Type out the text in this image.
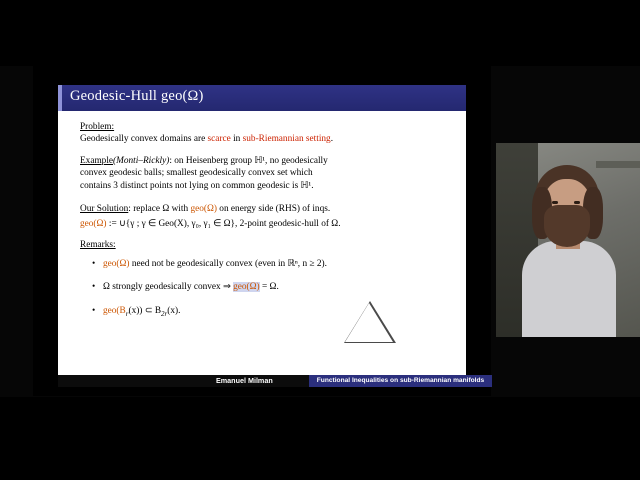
Geodesic-Hull geo(Ω)
Problem:
Geodesically convex domains are scarce in sub-Riemannian setting.
Example(Monti–Rickly): on Heisenberg group ℍ¹, no geodesically
convex geodesic balls; smallest geodesically convex set which
contains 3 distinct points not lying on common geodesic is ℍ¹.
Our Solution: replace Ω with geo(Ω) on energy side (RHS) of inqs.
geo(Ω) := ∪{γ ; γ ∈ Geo(X), γ₀, γ₁ ∈ Ω}, 2-point geodesic-hull of Ω.
Remarks:
• geo(Ω) need not be geodesically convex (even in ℝⁿ, n ≥ 2).
• Ω strongly geodesically convex ⇒ geo(Ω) = Ω.
• $geo(B_r(x))$ ⊂ $B_{2r}(x)$.
Emanuel Milman	Functional Inequalities on sub-Riemannian manifolds
